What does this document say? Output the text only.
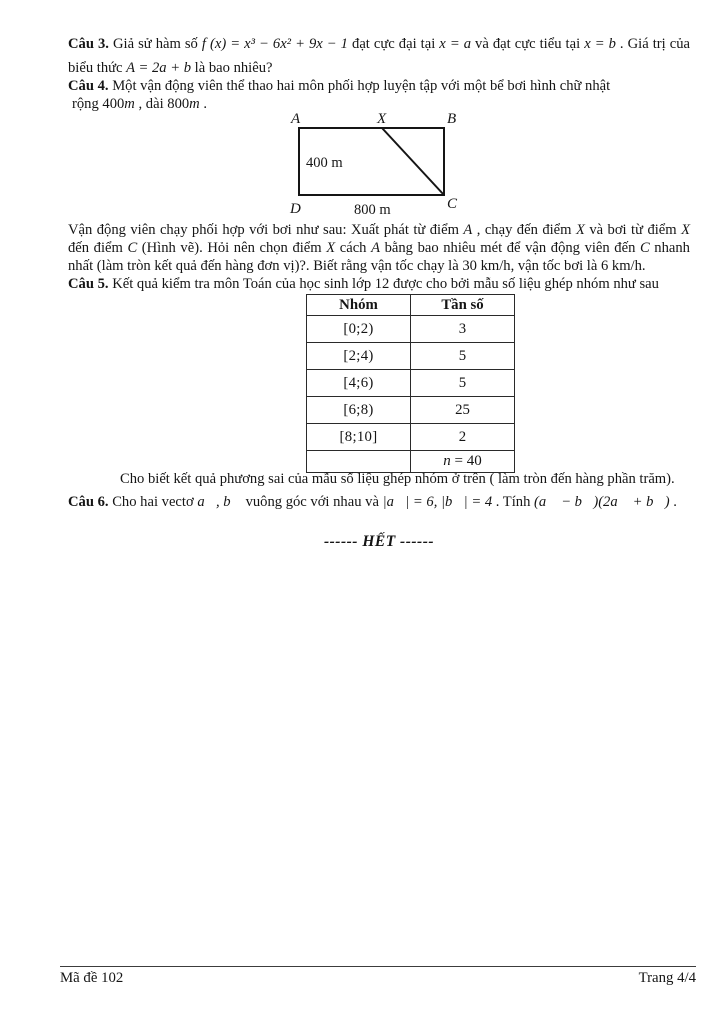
Câu 3. Giả sử hàm số f (x) = x³ − 6x² + 9x − 1 đạt cực đại tại x = a và đạt cực tiểu tại x = b . Giá trị của
biểu thức A = 2a + b là bao nhiêu?
Câu 4. Một vận động viên thể thao hai môn phối hợp luyện tập với một bể bơi hình chữ nhật
rộng 400m , dài 800m .
A	X	B
D	C
400 m
800 m
Vận động viên chạy phối hợp với bơi như sau: Xuất phát từ điểm A , chạy đến điểm X và bơi từ điểm X
đến điểm C (Hình vẽ). Hỏi nên chọn điểm X cách A bằng bao nhiêu mét để vận động viên đến C nhanh
nhất (làm tròn kết quả đến hàng đơn vị)?. Biết rằng vận tốc chạy là 30 km/h, vận tốc bơi là 6 km/h.
Câu 5. Kết quả kiểm tra môn Toán của học sinh lớp 12 được cho bởi mẫu số liệu ghép nhóm như sau
Nhóm	Tần số
[0;2)	3
[2;4)	5
[4;6)	5
[6;8)	25
[8;10]	2
	n = 40
Cho biết kết quả phương sai của mẫu số liệu ghép nhóm ở trên ( làm tròn đến hàng phần trăm).
Câu 6. Cho hai vectơ a⃗, b⃗ vuông góc với nhau và |a⃗| = 6, |b⃗| = 4 . Tính (a⃗ − b⃗)(2a⃗ + b⃗) .
------ HẾT ------
Mã đề 102	Trang 4/4
